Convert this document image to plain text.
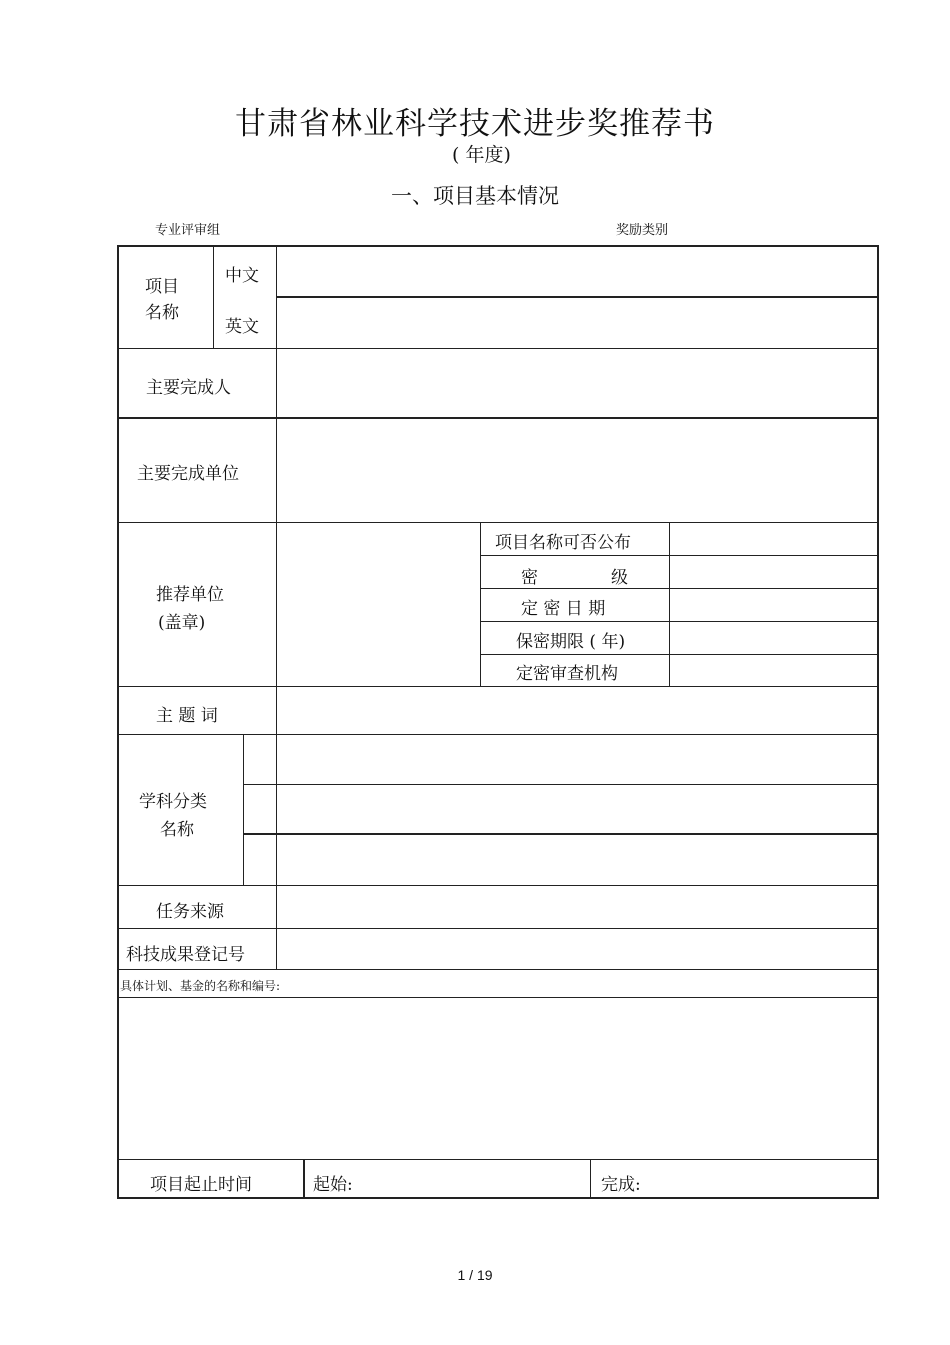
甘肃省林业科学技术进步奖推荐书
( 年度)
一、项目基本情况
专业评审组	奖励类别
项目
名称
中文
英文
主要完成人
主要完成单位
推荐单位
(盖章)
项目名称可否公布
密	级
定 密 日 期
保密期限 ( 年)
定密审查机构
主 题 词
学科分类
名称
任务来源
科技成果登记号
具体计划、基金的名称和编号:
项目起止时间	起始:	完成:
1 / 19
